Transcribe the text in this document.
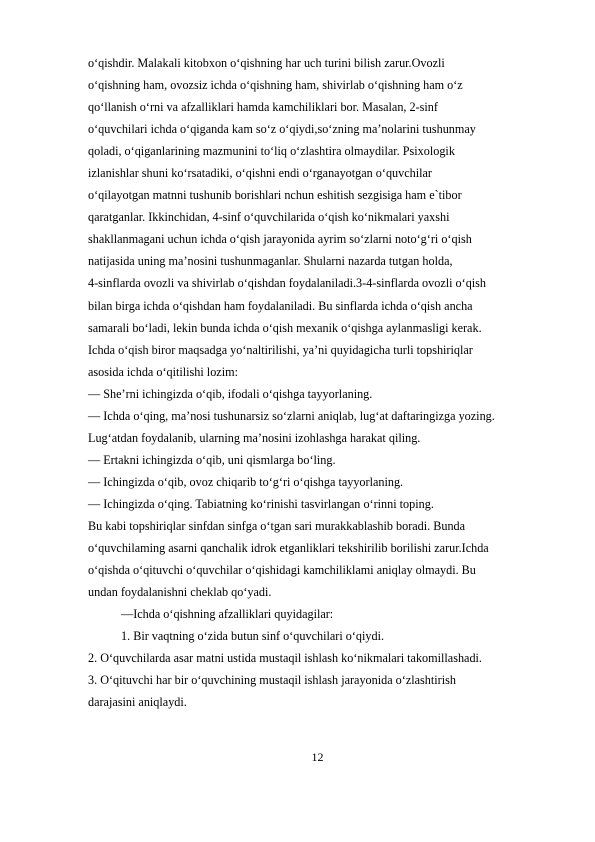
o‘qishdir. Malakali kitobxon o‘qishning har uch turini bilish zarur.Ovozli
o‘qishning ham, ovozsiz ichda o‘qishning ham, shivirlab o‘qishning ham o‘z
qo‘llanish o‘rni va afzalliklari hamda kamchiliklari bor. Masalan, 2-sinf
o‘quvchilari ichda o‘qiganda kam so‘z o‘qiydi,so‘zning ma’nolarini tushunmay
qoladi, o‘qiganlarining mazmunini to‘liq o‘zlashtira olmaydilar. Psixologik
izlanishlar shuni ko‘rsatadiki, o‘qishni endi o‘rganayotgan o‘quvchilar
o‘qilayotgan matnni tushunib borishlari nchun eshitish sezgisiga ham e`tibor
qaratganlar. Ikkinchidan, 4-sinf o‘quvchilarida o‘qish ko‘nikmalari yaxshi
shakllanmagani uchun ichda o‘qish jarayonida ayrim so‘zlarni noto‘g‘ri o‘qish
natijasida uning ma’nosini tushunmaganlar. Shularni nazarda tutgan holda,
4-sinflarda ovozli va shivirlab o‘qishdan foydalaniladi.3-4-sinflarda ovozli o‘qish
bilan birga ichda o‘qishdan ham foydalaniladi. Bu sinflarda ichda o‘qish ancha
samarali bo‘ladi, lekin bunda ichda o‘qish mexanik o‘qishga aylanmasligi kerak.
Ichda o‘qish biror maqsadga yo‘naltirilishi, ya’ni quyidagicha turli topshiriqlar
asosida ichda o‘qitilishi lozim:
— She’rni ichingizda o‘qib, ifodali o‘qishga tayyorlaning.
— Ichda o‘qing, ma’nosi tushunarsiz so‘zlarni aniqlab, lug‘at daftaringizga yozing.
Lug‘atdan foydalanib, ularning ma’nosini izohlashga harakat qiling.
— Ertakni ichingizda o‘qib, uni qismlarga bo‘ling.
— Ichingizda o‘qib, ovoz chiqarib to‘g‘ri o‘qishga tayyorlaning.
— Ichingizda o‘qing. Tabiatning ko‘rinishi tasvirlangan o‘rinni toping.
Bu kabi topshiriqlar sinfdan sinfga o‘tgan sari murakkablashib boradi. Bunda
o‘quvchilaming asarni qanchalik idrok etganliklari tekshirilib borilishi zarur.Ichda
o‘qishda o‘qituvchi o‘quvchilar o‘qishidagi kamchiliklami aniqlay olmaydi. Bu
undan foydalanishni cheklab qo‘yadi.
—Ichda o‘qishning afzalliklari quyidagilar:
1. Bir vaqtning o‘zida butun sinf o‘quvchilari o‘qiydi.
2. O‘quvchilarda asar matni ustida mustaqil ishlash ko‘nikmalari takomillashadi.
3. O‘qituvchi har bir o‘quvchining mustaqil ishlash jarayonida o‘zlashtirish
darajasini aniqlaydi.
12
